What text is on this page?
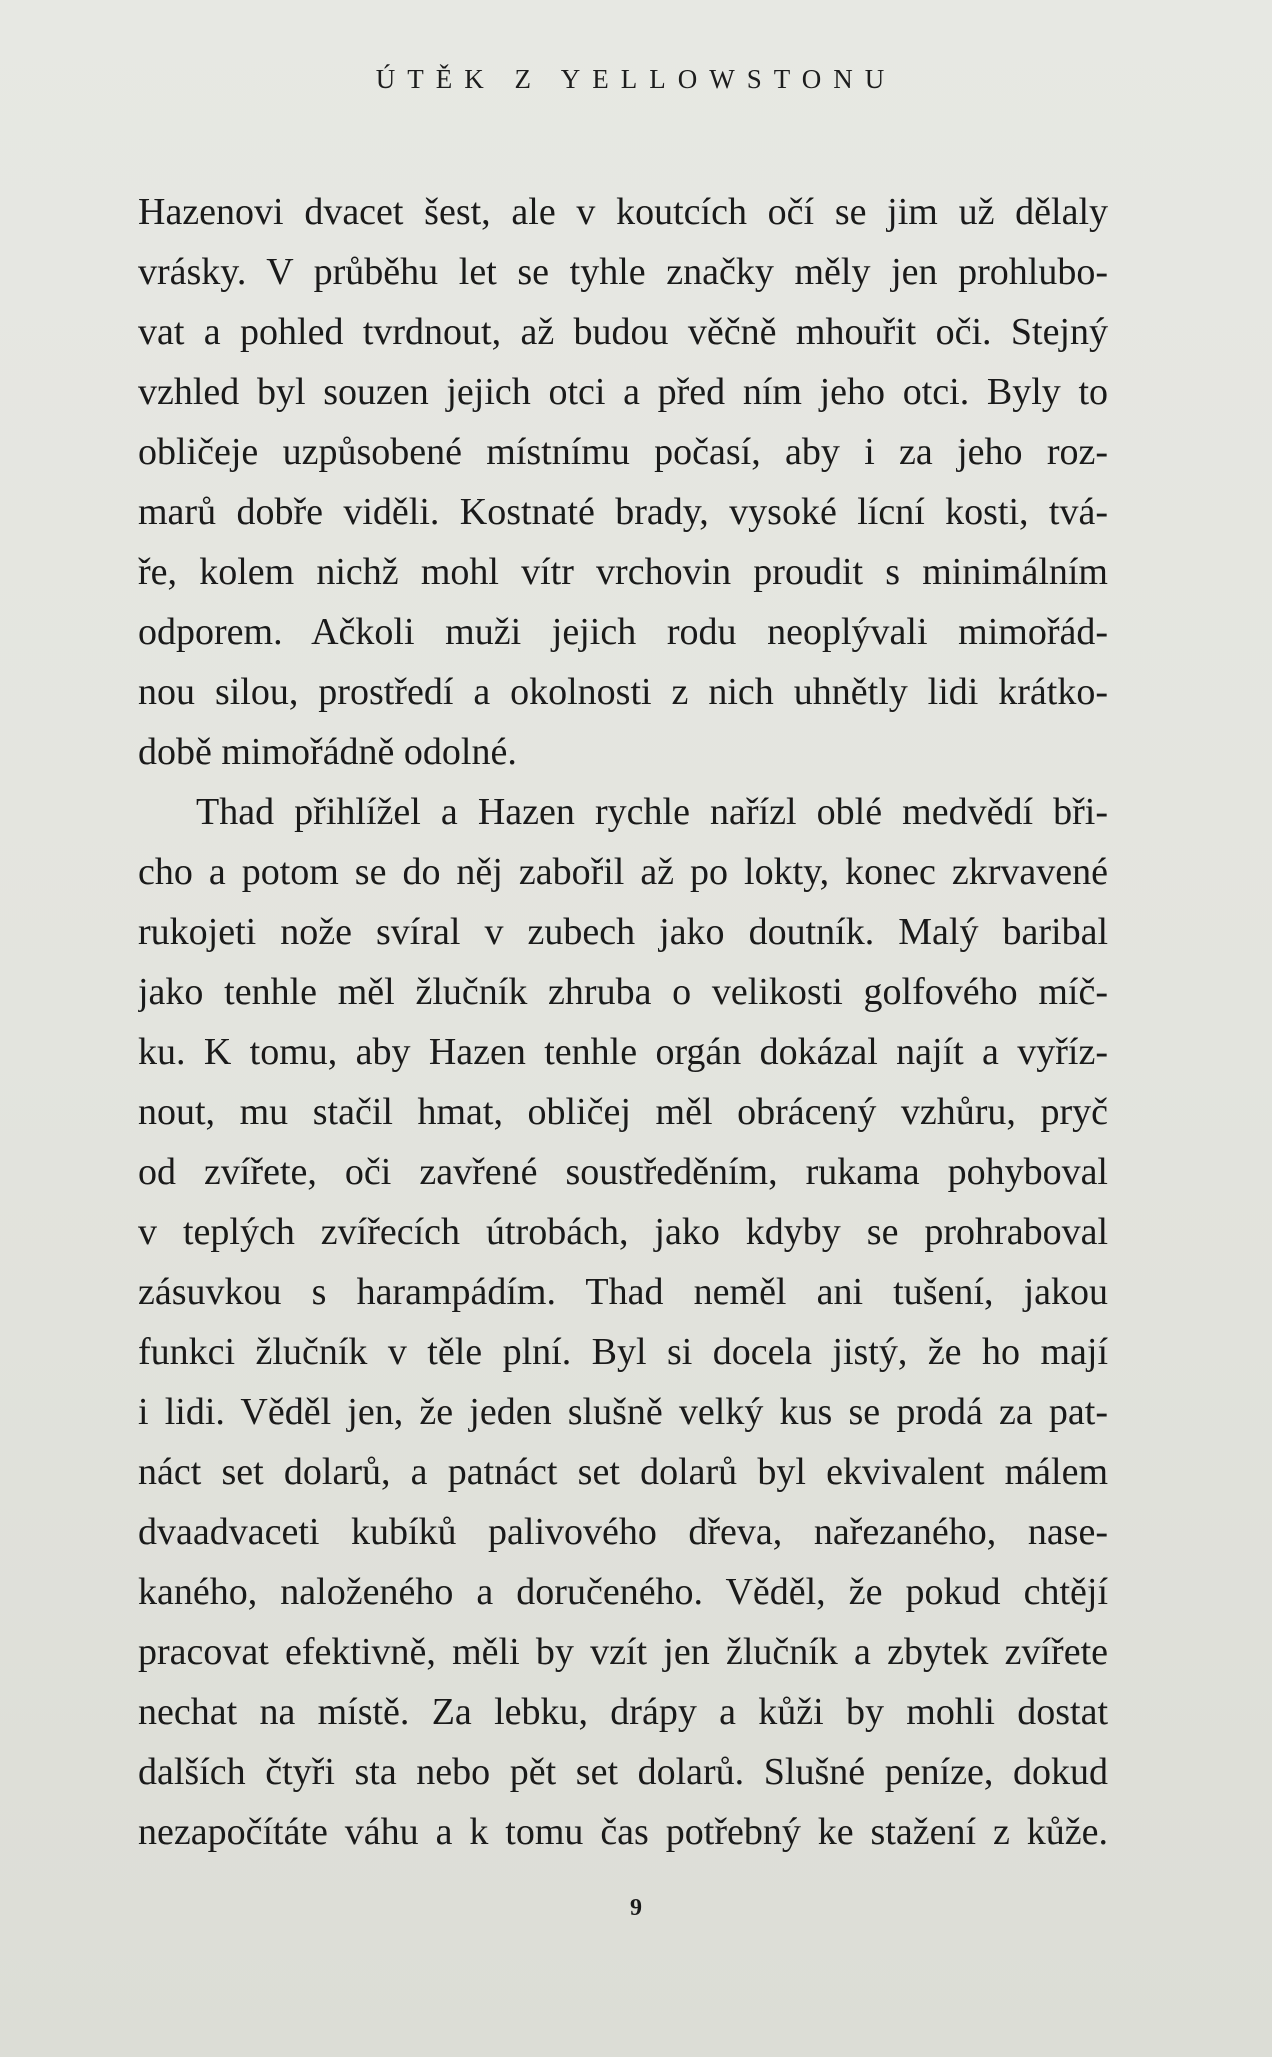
ÚTĚK Z YELLOWSTONU
Hazenovi dvacet šest, ale v koutcích očí se jim už dělaly
vrásky. V průběhu let se tyhle značky měly jen prohlubo-
vat a pohled tvrdnout, až budou věčně mhouřit oči. Stejný
vzhled byl souzen jejich otci a před ním jeho otci. Byly to
obličeje uzpůsobené místnímu počasí, aby i za jeho roz-
marů dobře viděli. Kostnaté brady, vysoké lícní kosti, tvá-
ře, kolem nichž mohl vítr vrchovin proudit s minimálním
odporem. Ačkoli muži jejich rodu neoplývali mimořád-
nou silou, prostředí a okolnosti z nich uhnětly lidi krátko-
době mimořádně odolné.
Thad přihlížel a Hazen rychle nařízl oblé medvědí bři-
cho a potom se do něj zabořil až po lokty, konec zkrvavené
rukojeti nože svíral v zubech jako doutník. Malý baribal
jako tenhle měl žlučník zhruba o velikosti golfového míč-
ku. K tomu, aby Hazen tenhle orgán dokázal najít a vyříz-
nout, mu stačil hmat, obličej měl obrácený vzhůru, pryč
od zvířete, oči zavřené soustředěním, rukama pohyboval
v teplých zvířecích útrobách, jako kdyby se prohraboval
zásuvkou s harampádím. Thad neměl ani tušení, jakou
funkci žlučník v těle plní. Byl si docela jistý, že ho mají
i lidi. Věděl jen, že jeden slušně velký kus se prodá za pat-
náct set dolarů, a patnáct set dolarů byl ekvivalent málem
dvaadvaceti kubíků palivového dřeva, nařezaného, nase-
kaného, naloženého a doručeného. Věděl, že pokud chtějí
pracovat efektivně, měli by vzít jen žlučník a zbytek zvířete
nechat na místě. Za lebku, drápy a kůži by mohli dostat
dalších čtyři sta nebo pět set dolarů. Slušné peníze, dokud
nezapočítáte váhu a k tomu čas potřebný ke stažení z kůže.
9
